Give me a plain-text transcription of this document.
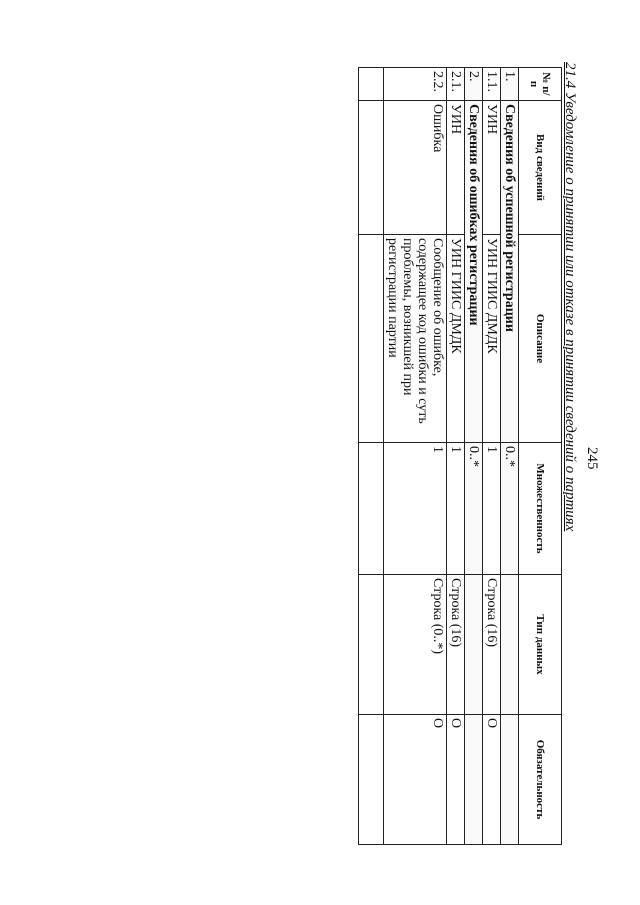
245
21.4 Уведомление о принятии или отказе в принятии сведений о партиях
№ п/п	Вид сведений	Описание	Множественность	Тип данных	Обязательность
1.	Сведения об успешной регистрации		0..*		
1.1.	УИН	УИН ГИИС ДМДК	1	Строка (16)	О
2.	Сведения об ошибках регистрации		0..*		
2.1.	УИН	УИН ГИИС ДМДК	1	Строка (16)	О
2.2.	Ошибка	Сообщение об ошибке, содержащее код ошибки и суть проблемы, возникшей при регистрации партии	1	Строка (0..*)	О
